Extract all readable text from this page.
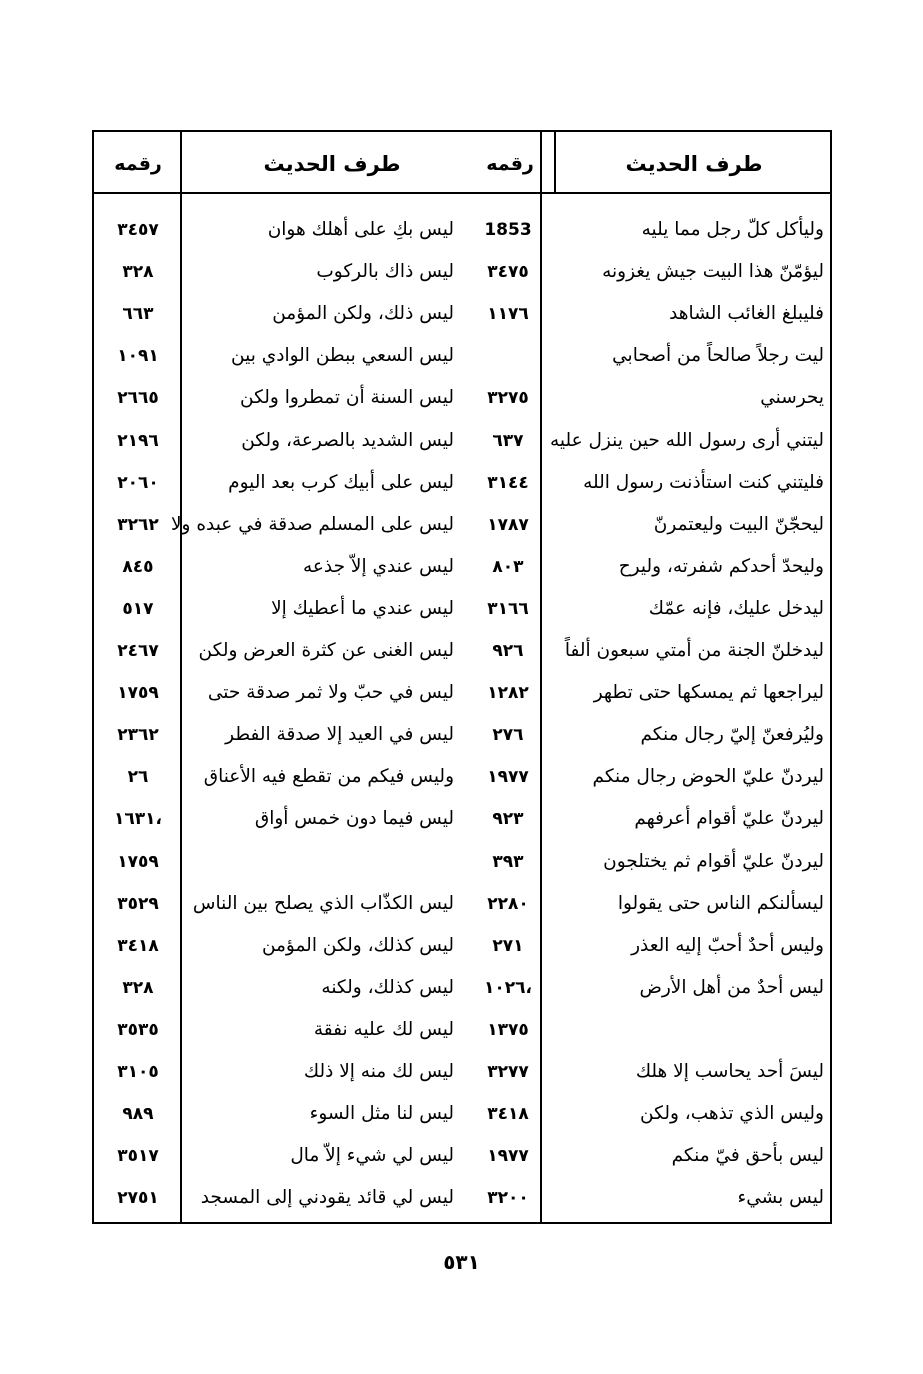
طرف الحديث
رقمه
طرف الحديث
رقمه
وليأكل كلّ رجل مما يليه
1853
ليؤمّنّ هذا البيت جيش يغزونه
٣٤٧٥
فليبلغ الغائب الشاهد
١١٧٦
ليت رجلاً صالحاً من أصحابي
يحرسني
٣٢٧٥
ليتني أرى رسول الله حين ينزل عليه
٦٣٧
فليتني كنت استأذنت رسول الله
٣١٤٤
ليحجّنّ البيت وليعتمرنّ
١٧٨٧
وليحدّ أحدكم شفرته، وليرح
٨٠٣
ليدخل عليك، فإنه عمّك
٣١٦٦
ليدخلنّ الجنة من أمتي سبعون ألفاً
٩٢٦
ليراجعها ثم يمسكها حتى تطهر
١٢٨٢
وليُرفعنّ إليّ رجال منكم
٢٧٦
ليردنّ عليّ الحوض رجال منكم
١٩٧٧
ليردنّ عليّ أقوام أعرفهم
٩٢٣
ليردنّ عليّ أقوام ثم يختلجون
٣٩٣
ليسألنكم الناس حتى يقولوا
٢٢٨٠
وليس أحدٌ أحبّ إليه العذر
٢٧١
ليس أحدٌ من أهل الأرض
١٠٢٦،
١٣٧٥
ليسَ أحد يحاسب إلا هلك
٣٢٧٧
وليس الذي تذهب، ولكن
٣٤١٨
ليس بأحق فيّ منكم
١٩٧٧
ليس بشيء
٣٢٠٠
ليس بكِ على أهلك هوان
٣٤٥٧
ليس ذاك بالركوب
٣٢٨
ليس ذلك، ولكن المؤمن
٦٦٣
ليس السعي ببطن الوادي بين
١٠٩١
ليس السنة أن تمطروا ولكن
٢٦٦٥
ليس الشديد بالصرعة، ولكن
٢١٩٦
ليس على أبيك كرب بعد اليوم
٢٠٦٠
ليس على المسلم صدقة في عبده ولا
٣٢٦٢
ليس عندي إلاّ جذعه
٨٤٥
ليس عندي ما أعطيك إلا
٥١٧
ليس الغنى عن كثرة العرض ولكن
٢٤٦٧
ليس في حبّ ولا ثمر صدقة حتى
١٧٥٩
ليس في العيد إلا صدقة الفطر
٢٣٦٢
وليس فيكم من تقطع فيه الأعناق
٢٦
ليس فيما دون خمس أواق
١٦٣١،
١٧٥٩
ليس الكذّاب الذي يصلح بين الناس
٣٥٢٩
ليس كذلك، ولكن المؤمن
٣٤١٨
ليس كذلك، ولكنه
٣٢٨
ليس لك عليه نفقة
٣٥٣٥
ليس لك منه إلا ذلك
٣١٠٥
ليس لنا مثل السوء
٩٨٩
ليس لي شيء إلاّ مال
٣٥١٧
ليس لي قائد يقودني إلى المسجد
٢٧٥١
٥٣١
